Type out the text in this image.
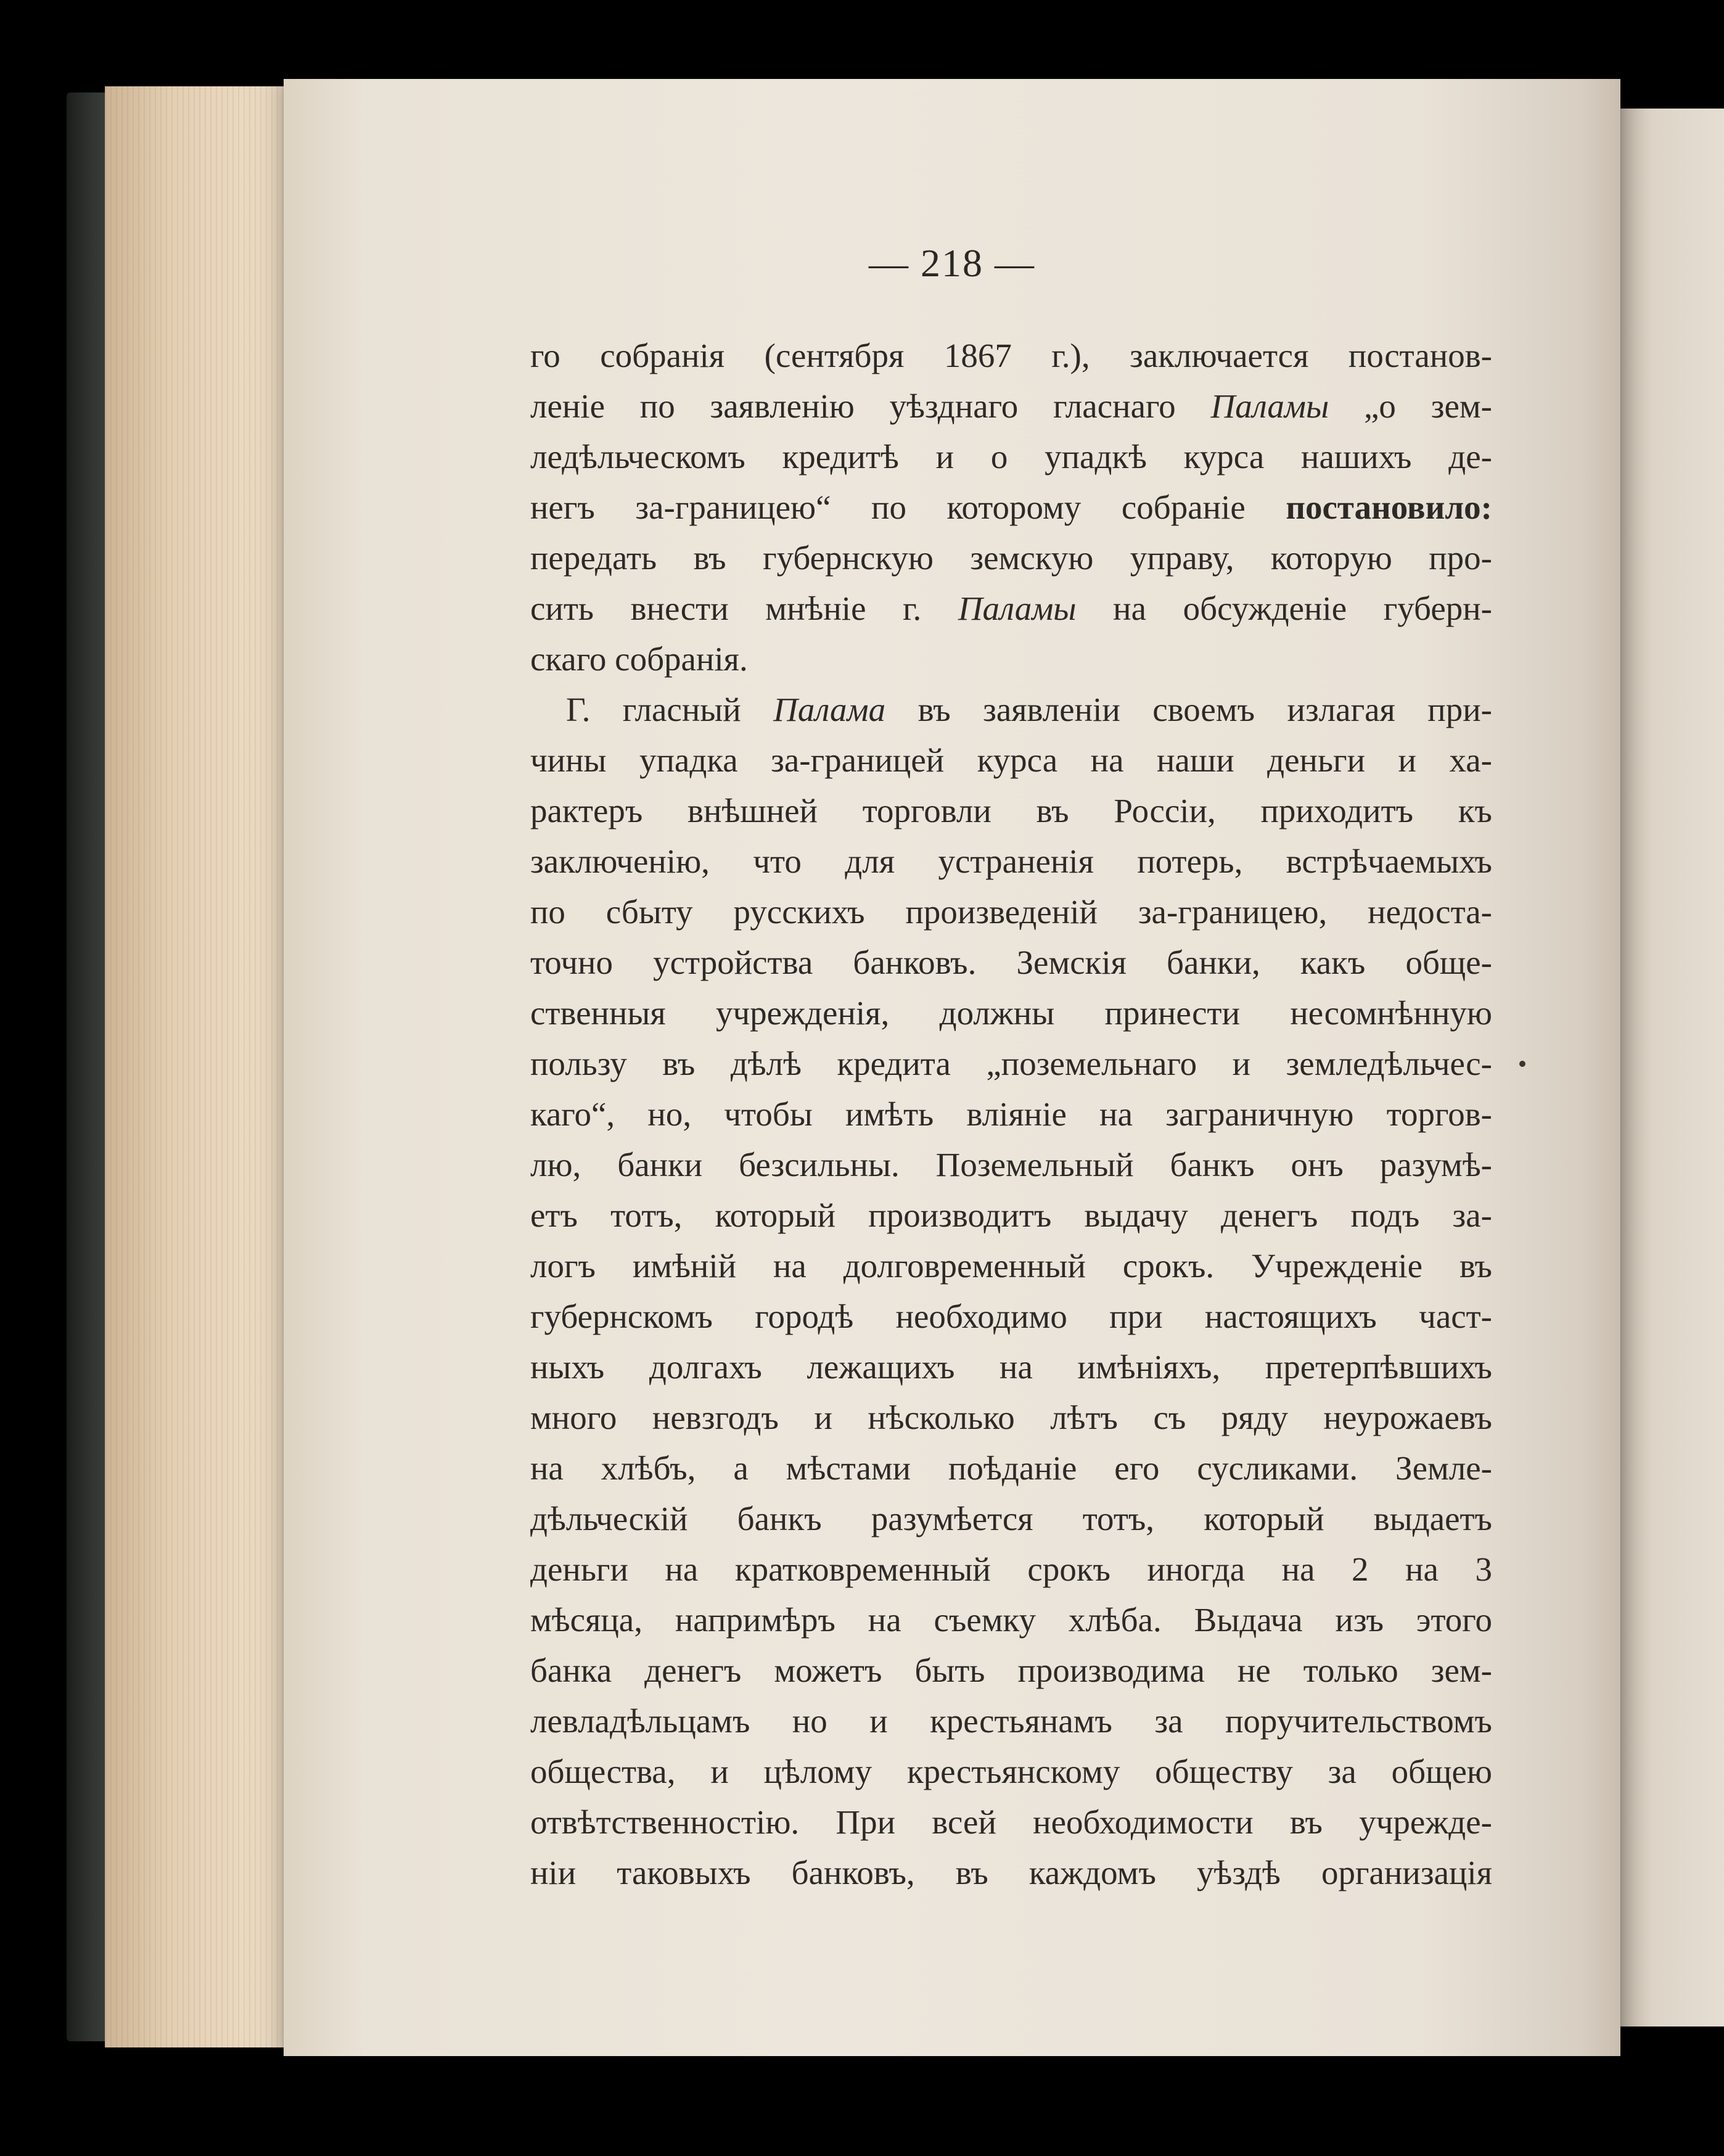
— 218 —
го собранія (сентября 1867 г.), заключается постанов-
леніе по заявленію уѣзднаго гласнаго Паламы „о зем-
ледѣльческомъ кредитѣ и о упадкѣ курса нашихъ де-
негъ за-границею“ по которому собраніе постановило:
передать въ губернскую земскую управу, которую про-
сить внести мнѣніе г. Паламы на обсужденіе губерн-
скаго собранія.
Г. гласный Палама въ заявленіи своемъ излагая при-
чины упадка за-границей курса на наши деньги и ха-
рактеръ внѣшней торговли въ Россіи, приходитъ къ
заключенію, что для устраненія потерь, встрѣчаемыхъ
по сбыту русскихъ произведеній за-границею, недоста-
точно устройства банковъ. Земскія банки, какъ обще-
ственныя учрежденія, должны принести несомнѣнную
пользу въ дѣлѣ кредита „поземельнаго и земледѣльчес-
каго“, но, чтобы имѣть вліяніе на заграничную торгов-
лю, банки безсильны. Поземельный банкъ онъ разумѣ-
етъ тотъ, который производитъ выдачу денегъ подъ за-
логъ имѣній на долговременный срокъ. Учрежденіе въ
губернскомъ городѣ необходимо при настоящихъ част-
ныхъ долгахъ лежащихъ на имѣніяхъ, претерпѣвшихъ
много невзгодъ и нѣсколько лѣтъ съ ряду неурожаевъ
на хлѣбъ, а мѣстами поѣданіе его сусликами. Земле-
дѣльческій банкъ разумѣется тотъ, который выдаетъ
деньги на кратковременный срокъ иногда на 2 на 3
мѣсяца, напримѣръ на съемку хлѣба. Выдача изъ этого
банка денегъ можетъ быть производима не только зем-
левладѣльцамъ но и крестьянамъ за поручительствомъ
общества, и цѣлому крестьянскому обществу за общею
отвѣтственностію. При всей необходимости въ учрежде-
ніи таковыхъ банковъ, въ каждомъ уѣздѣ организація
